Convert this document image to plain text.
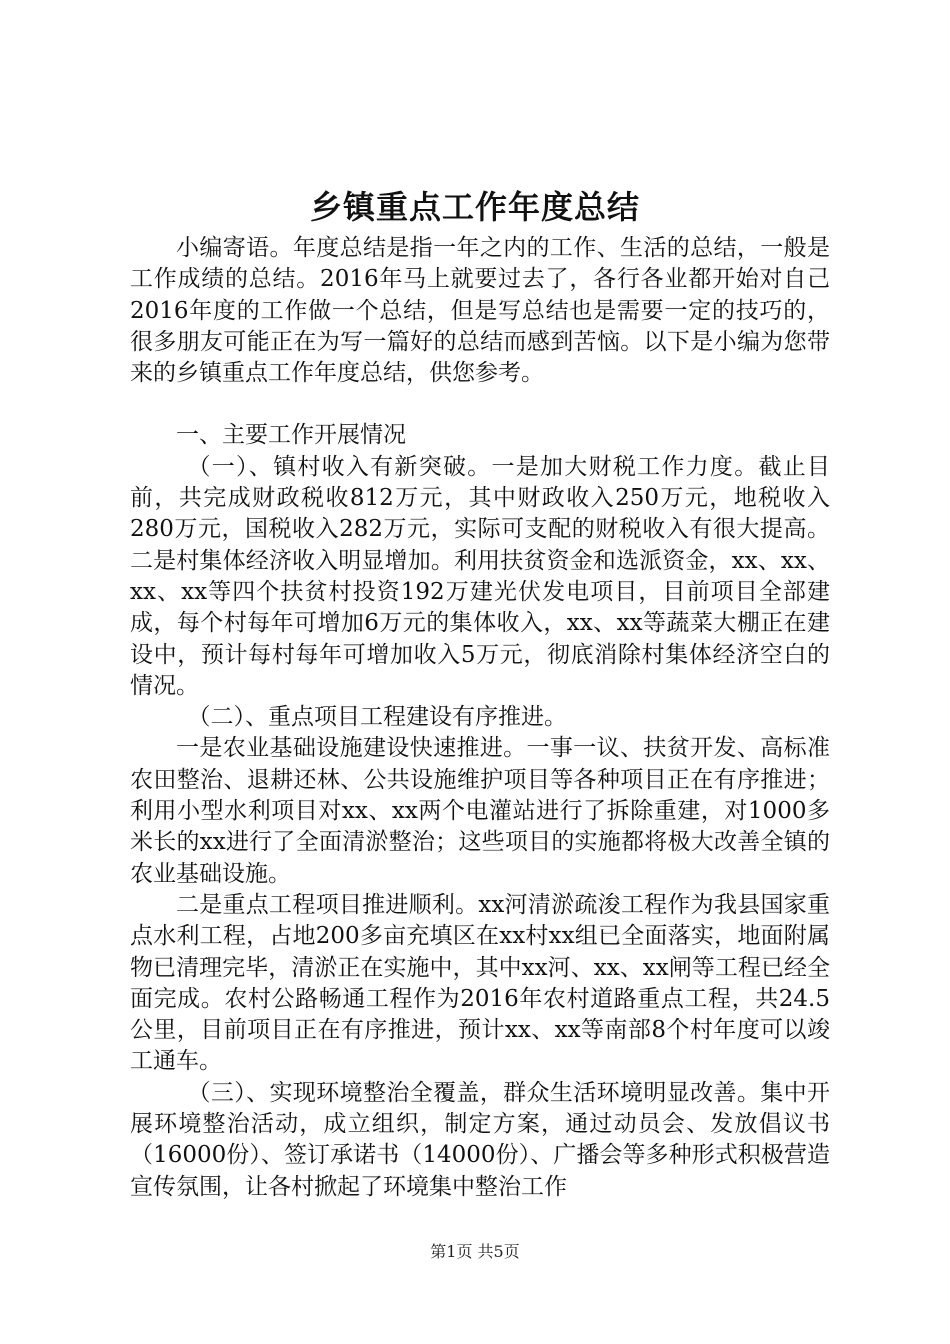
乡镇重点工作年度总结

小编寄语。年度总结是指一年之内的工作、生活的总结，一般是工作成绩的总结。2016年马上就要过去了，各行各业都开始对自己2016年度的工作做一个总结，但是写总结也是需要一定的技巧的，很多朋友可能正在为写一篇好的总结而感到苦恼。以下是小编为您带来的乡镇重点工作年度总结，供您参考。

一、主要工作开展情况

（一）、镇村收入有新突破。一是加大财税工作力度。截止目前，共完成财政税收812万元，其中财政收入250万元，地税收入280万元，国税收入282万元，实际可支配的财税收入有很大提高。二是村集体经济收入明显增加。利用扶贫资金和选派资金，xx、xx、xx、xx等四个扶贫村投资192万建光伏发电项目，目前项目全部建成，每个村每年可增加6万元的集体收入，xx、xx等蔬菜大棚正在建设中，预计每村每年可增加收入5万元，彻底消除村集体经济空白的情况。

（二）、重点项目工程建设有序推进。

一是农业基础设施建设快速推进。一事一议、扶贫开发、高标准农田整治、退耕还林、公共设施维护项目等各种项目正在有序推进；利用小型水利项目对xx、xx两个电灌站进行了拆除重建，对1000多米长的xx进行了全面清淤整治；这些项目的实施都将极大改善全镇的农业基础设施。

二是重点工程项目推进顺利。xx河清淤疏浚工程作为我县国家重点水利工程，占地200多亩充填区在xx村xx组已全面落实，地面附属物已清理完毕，清淤正在实施中，其中xx河、xx、xx闸等工程已经全面完成。农村公路畅通工程作为2016年农村道路重点工程，共24.5公里，目前项目正在有序推进，预计xx、xx等南部8个村年度可以竣工通车。

（三）、实现环境整治全覆盖，群众生活环境明显改善。集中开展环境整治活动，成立组织，制定方案，通过动员会、发放倡议书（16000份）、签订承诺书（14000份）、广播会等多种形式积极营造宣传氛围，让各村掀起了环境集中整治工作

第1页 共5页
